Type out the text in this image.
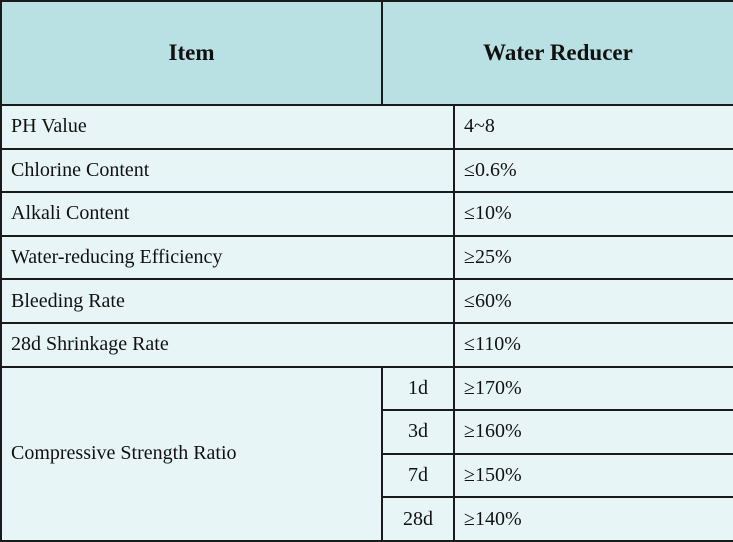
Item	Water Reducer	
PH Value		4~8
Chlorine Content		≤0.6%
Alkali Content		≤10%
Water-reducing Efficiency		≥25%
Bleeding Rate		≤60%
28d Shrinkage Rate		≤110%
Compressive Strength Ratio	1d	≥170%
	3d	≥160%
	7d	≥150%
	28d	≥140%
